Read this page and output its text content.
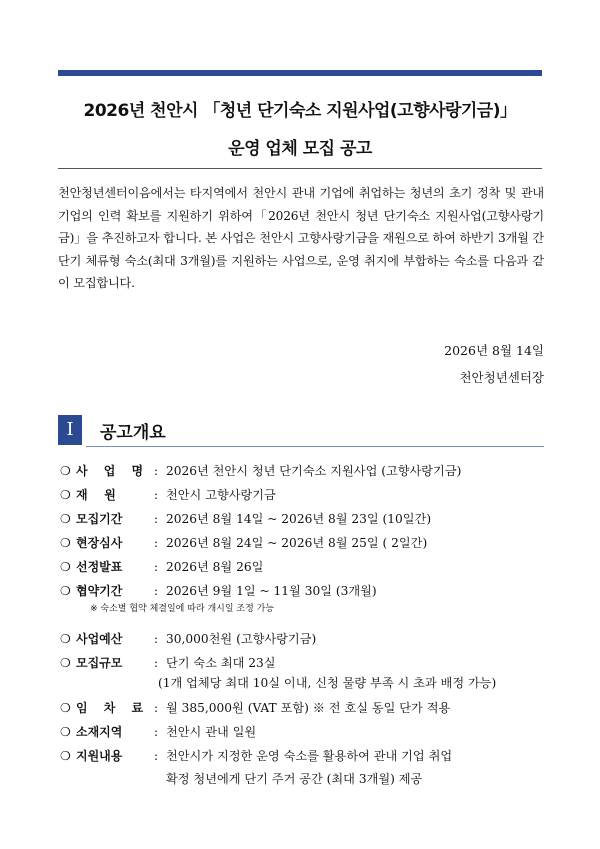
2026년 천안시 「청년 단기숙소 지원사업(고향사랑기금)」
운영 업체 모집 공고

천안청년센터이음에서는 타지역에서 천안시 관내 기업에 취업하는 청년의 초기 정착 및 관내 기업의 인력 확보를 지원하기 위하여「2026년 천안시 청년 단기숙소 지원사업(고향사랑기금)」을 추진하고자 합니다. 본 사업은 천안시 고향사랑기금을 재원으로 하여 하반기 3개월 간 단기 체류형 숙소(최대 3개월)를 지원하는 사업으로, 운영 취지에 부합하는 숙소를 다음과 같이 모집합니다.

2026년 8월 14일
천안청년센터장
Ⅰ	공고개요
❍ 사 업 명 : 2026년 천안시 청년 단기숙소 지원사업 (고향사랑기금)
❍ 재    원	: 천안시 고향사랑기금
❍ 모집기간	: 2026년 8월 14일 ~ 2026년 8월 23일 (10일간)
❍ 현장심사	: 2026년 8월 24일 ~ 2026년 8월 25일 ( 2일간)
❍ 선정발표	: 2026년 8월 26일
❍ 협약기간	: 2026년 9월 1일 ~ 11월 30일 (3개월)
※ 숙소별 협약 체결일에 따라 개시일 조정 가능
❍ 사업예산	: 30,000천원 (고향사랑기금)
❍ 모집규모	: 단기 숙소 최대 23실
(1개 업체당 최대 10실 이내, 신청 물량 부족 시 초과 배정 가능)
❍ 임 차 료 : 월 385,000원 (VAT 포함) ※ 전 호실 동일 단가 적용
❍ 소재지역	: 천안시 관내 일원
❍ 지원내용	: 천안시가 지정한 운영 숙소를 활용하여 관내 기업 취업
확정 청년에게 단기 주거 공간 (최대 3개월) 제공
